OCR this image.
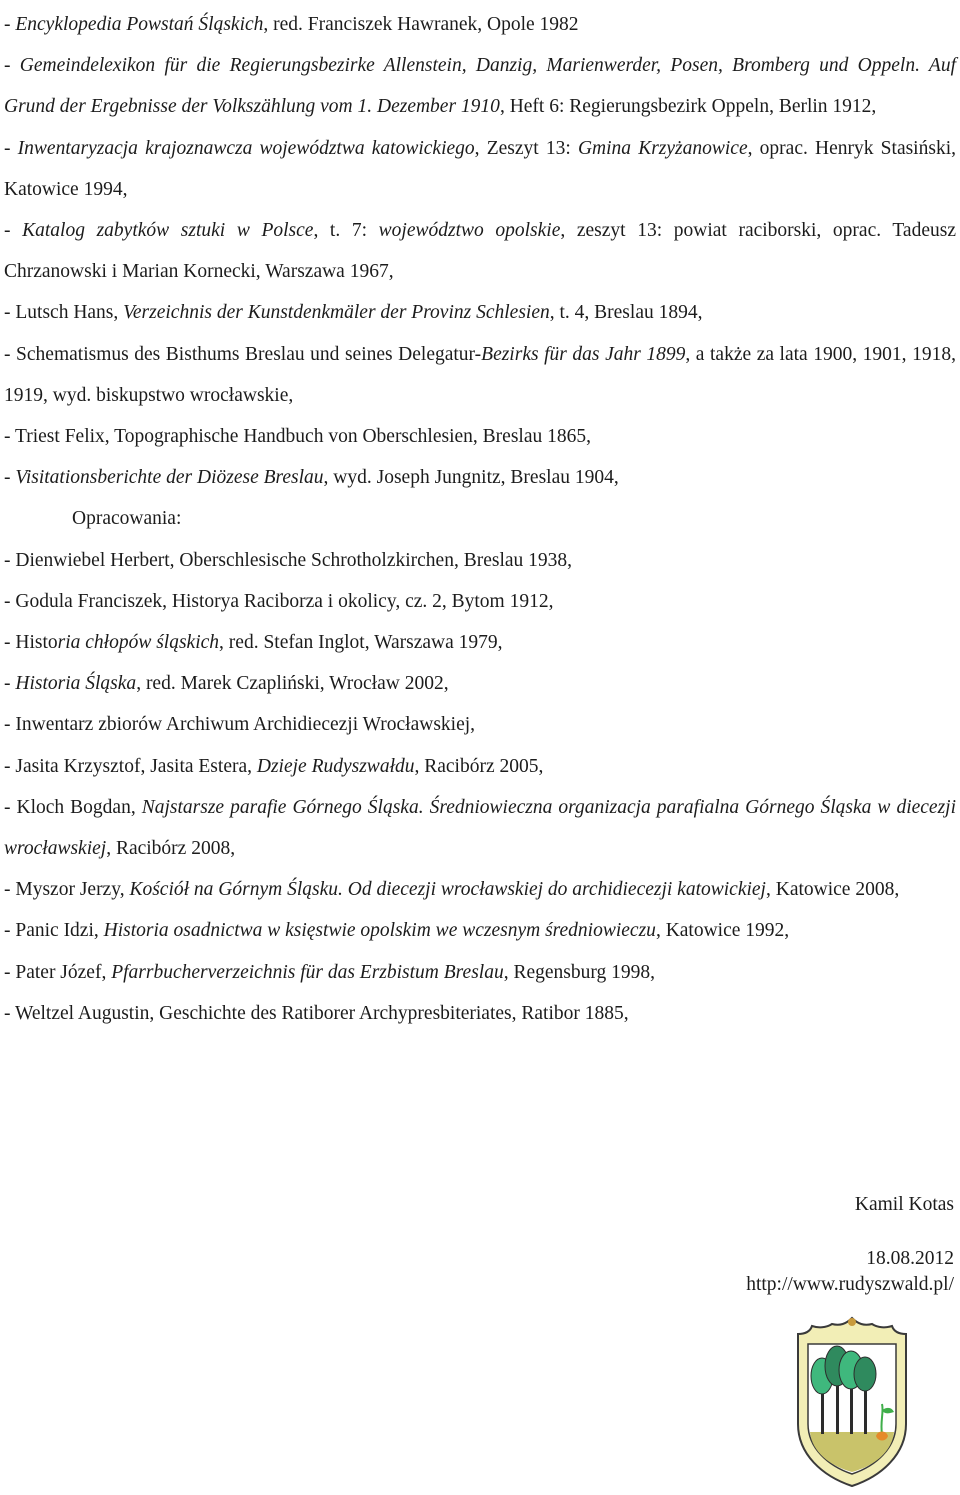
- Encyklopedia Powstań Śląskich, red. Franciszek Hawranek, Opole 1982

- Gemeindelexikon für die Regierungsbezirke Allenstein, Danzig, Marienwerder, Posen, Bromberg und Oppeln. Auf Grund der Ergebnisse der Volkszählung vom 1. Dezember 1910, Heft 6: Regierungsbezirk Oppeln, Berlin 1912,

- Inwentaryzacja krajoznawcza województwa katowickiego, Zeszyt 13: Gmina Krzyżanowice, oprac. Henryk Stasiński, Katowice 1994,

- Katalog zabytków sztuki w Polsce, t. 7: województwo opolskie, zeszyt 13: powiat raciborski, oprac. Tadeusz Chrzanowski i Marian Kornecki, Warszawa 1967,

- Lutsch Hans, Verzeichnis der Kunstdenkmäler der Provinz Schlesien, t. 4, Breslau 1894,

- Schematismus des Bisthums Breslau und seines Delegatur-Bezirks für das Jahr 1899, a także za lata 1900, 1901, 1918, 1919, wyd. biskupstwo wrocławskie,

- Triest Felix, Topographische Handbuch von Oberschlesien, Breslau 1865,

- Visitationsberichte der Diözese Breslau, wyd. Joseph Jungnitz, Breslau 1904,

Opracowania:

- Dienwiebel Herbert, Oberschlesische Schrotholzkirchen, Breslau 1938,

- Godula Franciszek, Historya Raciborza i okolicy, cz. 2, Bytom 1912,

- Historia chłopów śląskich, red. Stefan Inglot, Warszawa 1979,

- Historia Śląska, red. Marek Czapliński, Wrocław 2002,

- Inwentarz zbiorów Archiwum Archidiecezji Wrocławskiej,

- Jasita Krzysztof, Jasita Estera, Dzieje Rudyszwałdu, Racibórz 2005,

- Kloch Bogdan, Najstarsze parafie Górnego Śląska. Średniowieczna organizacja parafialna Górnego Śląska w diecezji wrocławskiej, Racibórz 2008,

- Myszor Jerzy, Kościół na Górnym Śląsku. Od diecezji wrocławskiej do archidiecezji katowickiej, Katowice 2008,

- Panic Idzi, Historia osadnictwa w księstwie opolskim we wczesnym średniowieczu, Katowice 1992,

- Pater Józef, Pfarrbucherverzeichnis für das Erzbistum Breslau, Regensburg 1998,

- Weltzel Augustin, Geschichte des Ratiborer Archypresbiteriates, Ratibor 1885,

Kamil Kotas
18.08.2012
http://www.rudyszwald.pl/
